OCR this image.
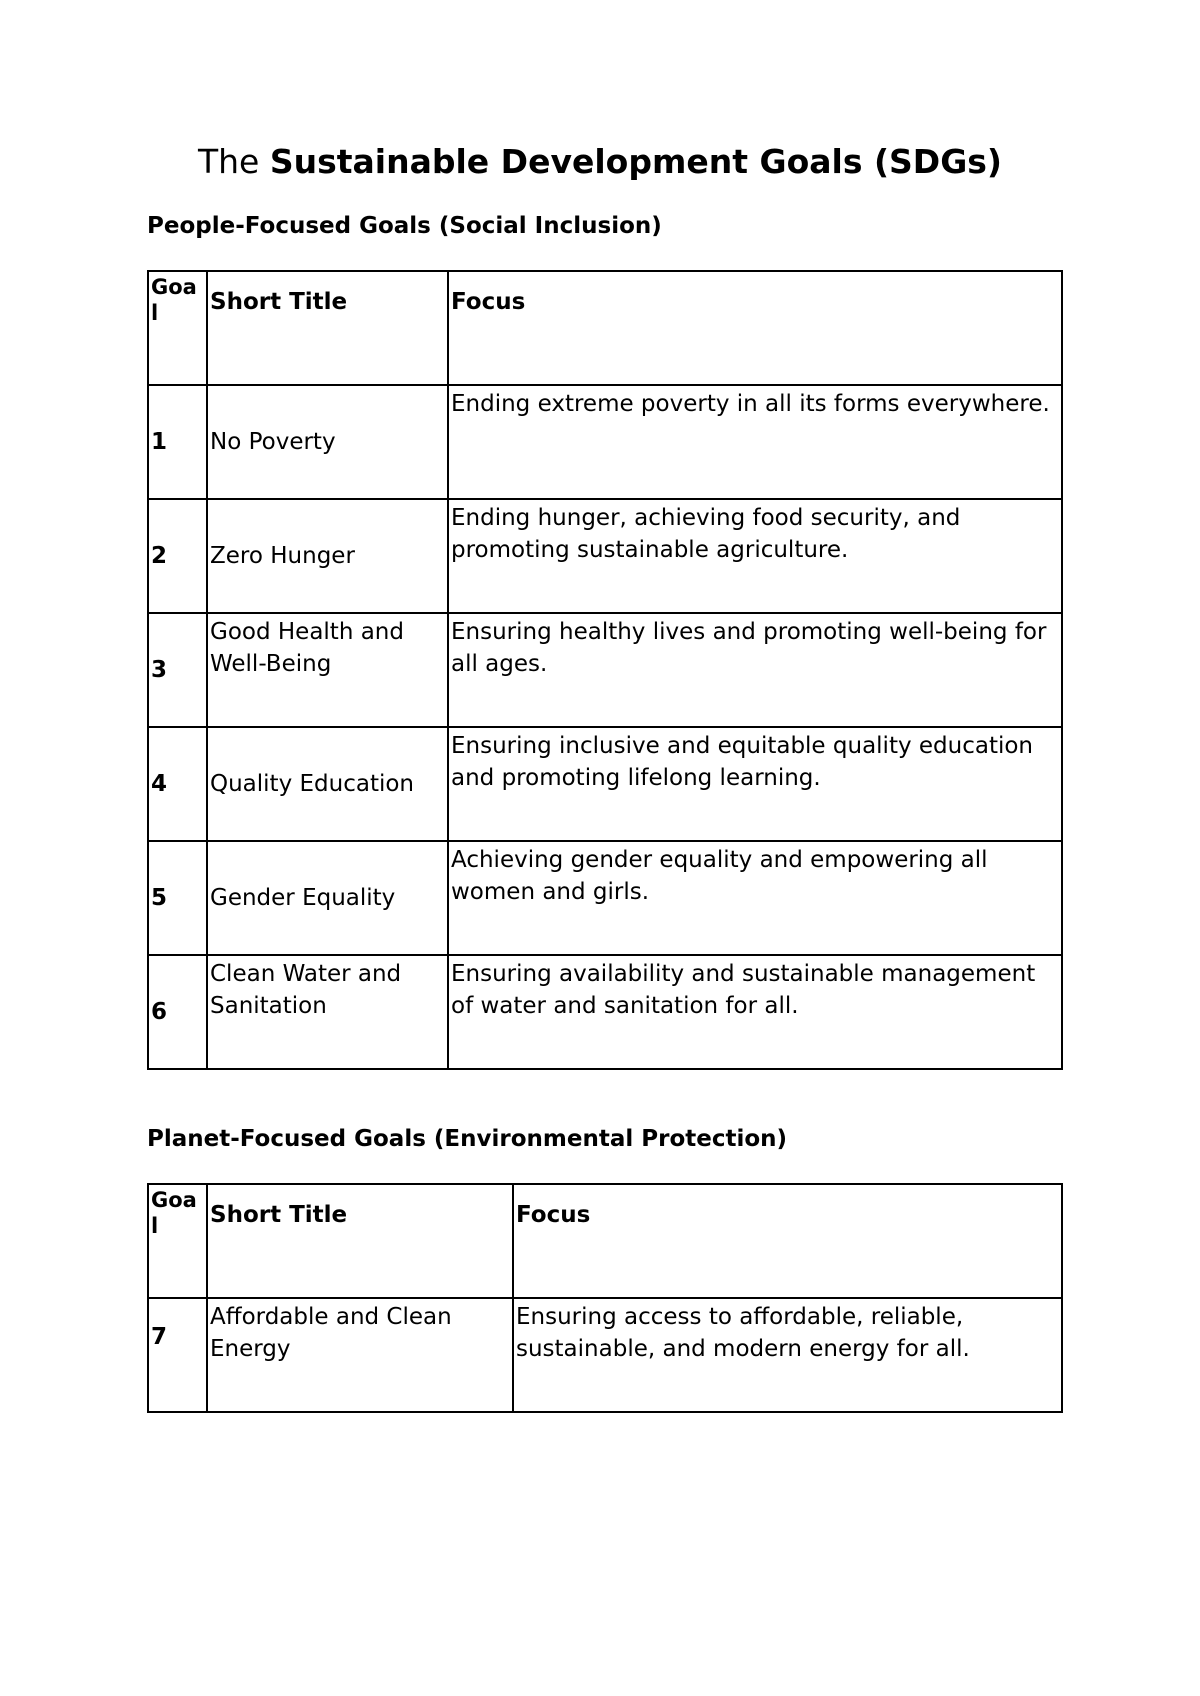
The Sustainable Development Goals (SDGs)
People-Focused Goals (Social Inclusion)
Goal	Short Title	Focus
1	No Poverty	Ending extreme poverty in all its forms everywhere.
2	Zero Hunger	Ending hunger, achieving food security, and promoting sustainable agriculture.
3	Good Health and Well-Being	Ensuring healthy lives and promoting well-being for all ages.
4	Quality Education	Ensuring inclusive and equitable quality education and promoting lifelong learning.
5	Gender Equality	Achieving gender equality and empowering all women and girls.
6	Clean Water and Sanitation	Ensuring availability and sustainable management of water and sanitation for all.
Planet-Focused Goals (Environmental Protection)
Goal	Short Title	Focus
7	Affordable and Clean Energy	Ensuring access to affordable, reliable, sustainable, and modern energy for all.
